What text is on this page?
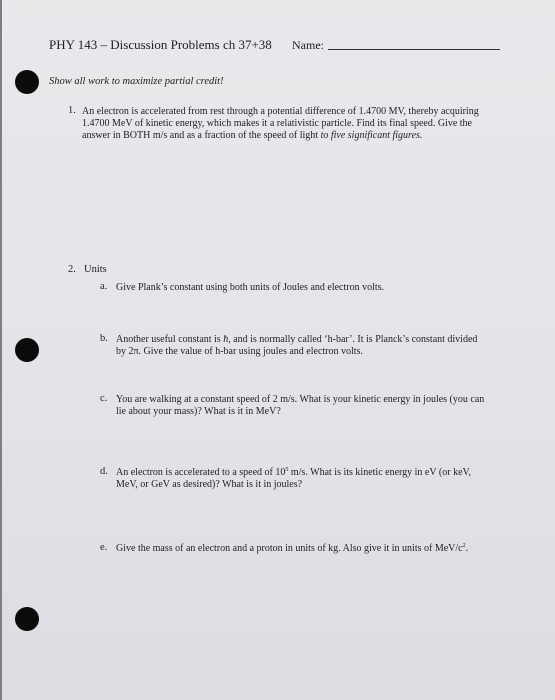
PHY 143 – Discussion Problems ch 37+38 Name:
Show all work to maximize partial credit!
1. An electron is accelerated from rest through a potential difference of 1.4700 MV, thereby acquiring
1.4700 MeV of kinetic energy, which makes it a relativistic particle. Find its final speed. Give the
answer in BOTH m/s and as a fraction of the speed of light to five significant figures.
2. Units
a. Give Plank’s constant using both units of Joules and electron volts.
b. Another useful constant is ħ, and is normally called ‘h-bar’. It is Planck’s constant divided
by 2π. Give the value of h-bar using joules and electron volts.
c. You are walking at a constant speed of 2 m/s. What is your kinetic energy in joules (you can
lie about your mass)? What is it in MeV?
d. An electron is accelerated to a speed of $10^5$ m/s. What is its kinetic energy in eV (or keV,
MeV, or GeV as desired)? What is it in joules?
e. Give the mass of an electron and a proton in units of kg. Also give it in units of MeV/$c^2$.
